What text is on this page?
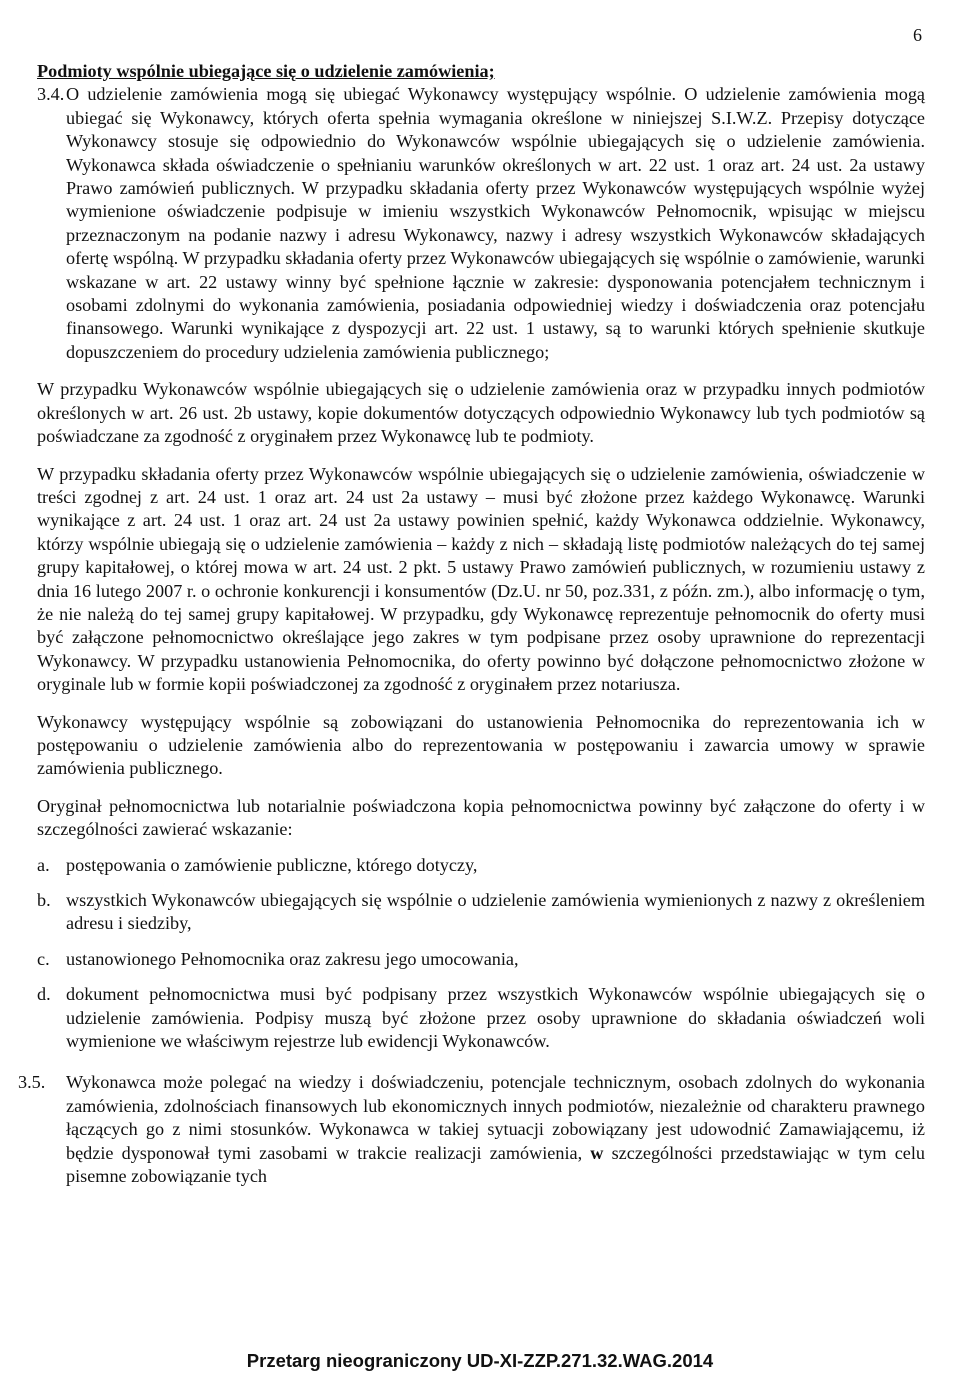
6

Podmioty wspólnie ubiegające się o udzielenie zamówienia;

3.4. O udzielenie zamówienia mogą się ubiegać Wykonawcy występujący wspólnie. O udzielenie zamówienia mogą ubiegać się Wykonawcy, których oferta spełnia wymagania określone w niniejszej S.I.W.Z. Przepisy dotyczące Wykonawcy stosuje się odpowiednio do Wykonawców wspólnie ubiegających się o udzielenie zamówienia. Wykonawca składa oświadczenie o spełnianiu warunków określonych w art. 22 ust. 1 oraz art. 24 ust. 2a ustawy Prawo zamówień publicznych. W przypadku składania oferty przez Wykonawców występujących wspólnie wyżej wymienione oświadczenie podpisuje w imieniu wszystkich Wykonawców Pełnomocnik, wpisując w miejscu przeznaczonym na podanie nazwy i adresu Wykonawcy, nazwy i adresy wszystkich Wykonawców składających ofertę wspólną. W przypadku składania oferty przez Wykonawców ubiegających się wspólnie o zamówienie, warunki wskazane w art. 22 ustawy winny być spełnione łącznie w zakresie: dysponowania potencjałem technicznym i osobami zdolnymi do wykonania zamówienia, posiadania odpowiedniej wiedzy i doświadczenia oraz potencjału finansowego. Warunki wynikające z dyspozycji art. 22 ust. 1 ustawy, są to warunki których spełnienie skutkuje dopuszczeniem do procedury udzielenia zamówienia publicznego;

W przypadku Wykonawców wspólnie ubiegających się o udzielenie zamówienia oraz w przypadku innych podmiotów określonych w art. 26 ust. 2b ustawy, kopie dokumentów dotyczących odpowiednio Wykonawcy lub tych podmiotów są poświadczane za zgodność z oryginałem przez Wykonawcę lub te podmioty.

W przypadku składania oferty przez Wykonawców wspólnie ubiegających się o udzielenie zamówienia, oświadczenie w treści zgodnej z art. 24 ust. 1 oraz art. 24 ust 2a ustawy – musi być złożone przez każdego Wykonawcę. Warunki wynikające z art. 24 ust. 1 oraz art. 24 ust 2a ustawy powinien spełnić, każdy Wykonawca oddzielnie. Wykonawcy, którzy wspólnie ubiegają się o udzielenie zamówienia – każdy z nich – składają listę podmiotów należących do tej samej grupy kapitałowej, o której mowa w art. 24 ust. 2 pkt. 5 ustawy Prawo zamówień publicznych, w rozumieniu ustawy z dnia 16 lutego 2007 r. o ochronie konkurencji i konsumentów (Dz.U. nr 50, poz.331, z późn. zm.), albo informację o tym, że nie należą do tej samej grupy kapitałowej. W przypadku, gdy Wykonawcę reprezentuje pełnomocnik do oferty musi być załączone pełnomocnictwo określające jego zakres w tym podpisane przez osoby uprawnione do reprezentacji Wykonawcy. W przypadku ustanowienia Pełnomocnika, do oferty powinno być dołączone pełnomocnictwo złożone w oryginale lub w formie kopii poświadczonej za zgodność z oryginałem przez notariusza.

Wykonawcy występujący wspólnie są zobowiązani do ustanowienia Pełnomocnika do reprezentowania ich w postępowaniu o udzielenie zamówienia albo do reprezentowania w postępowaniu i zawarcia umowy w sprawie zamówienia publicznego.

Oryginał pełnomocnictwa lub notarialnie poświadczona kopia pełnomocnictwa powinny być załączone do oferty i w szczególności zawierać wskazanie:

a. postępowania o zamówienie publiczne, którego dotyczy,
b. wszystkich Wykonawców ubiegających się wspólnie o udzielenie zamówienia wymienionych z nazwy z określeniem adresu i siedziby,
c. ustanowionego Pełnomocnika oraz zakresu jego umocowania,
d. dokument pełnomocnictwa musi być podpisany przez wszystkich Wykonawców wspólnie ubiegających się o udzielenie zamówienia. Podpisy muszą być złożone przez osoby uprawnione do składania oświadczeń woli wymienione we właściwym rejestrze lub ewidencji Wykonawców.
3.5.	Wykonawca może polegać na wiedzy i doświadczeniu, potencjale technicznym, osobach zdolnych do wykonania zamówienia, zdolnościach finansowych lub ekonomicznych innych podmiotów, niezależnie od charakteru prawnego łączących go z nimi stosunków. Wykonawca w takiej sytuacji zobowiązany jest udowodnić Zamawiającemu, iż będzie dysponował tymi zasobami w trakcie realizacji zamówienia, w szczególności przedstawiając w tym celu pisemne zobowiązanie tych
Przetarg nieograniczony UD-XI-ZZP.271.32.WAG.2014
